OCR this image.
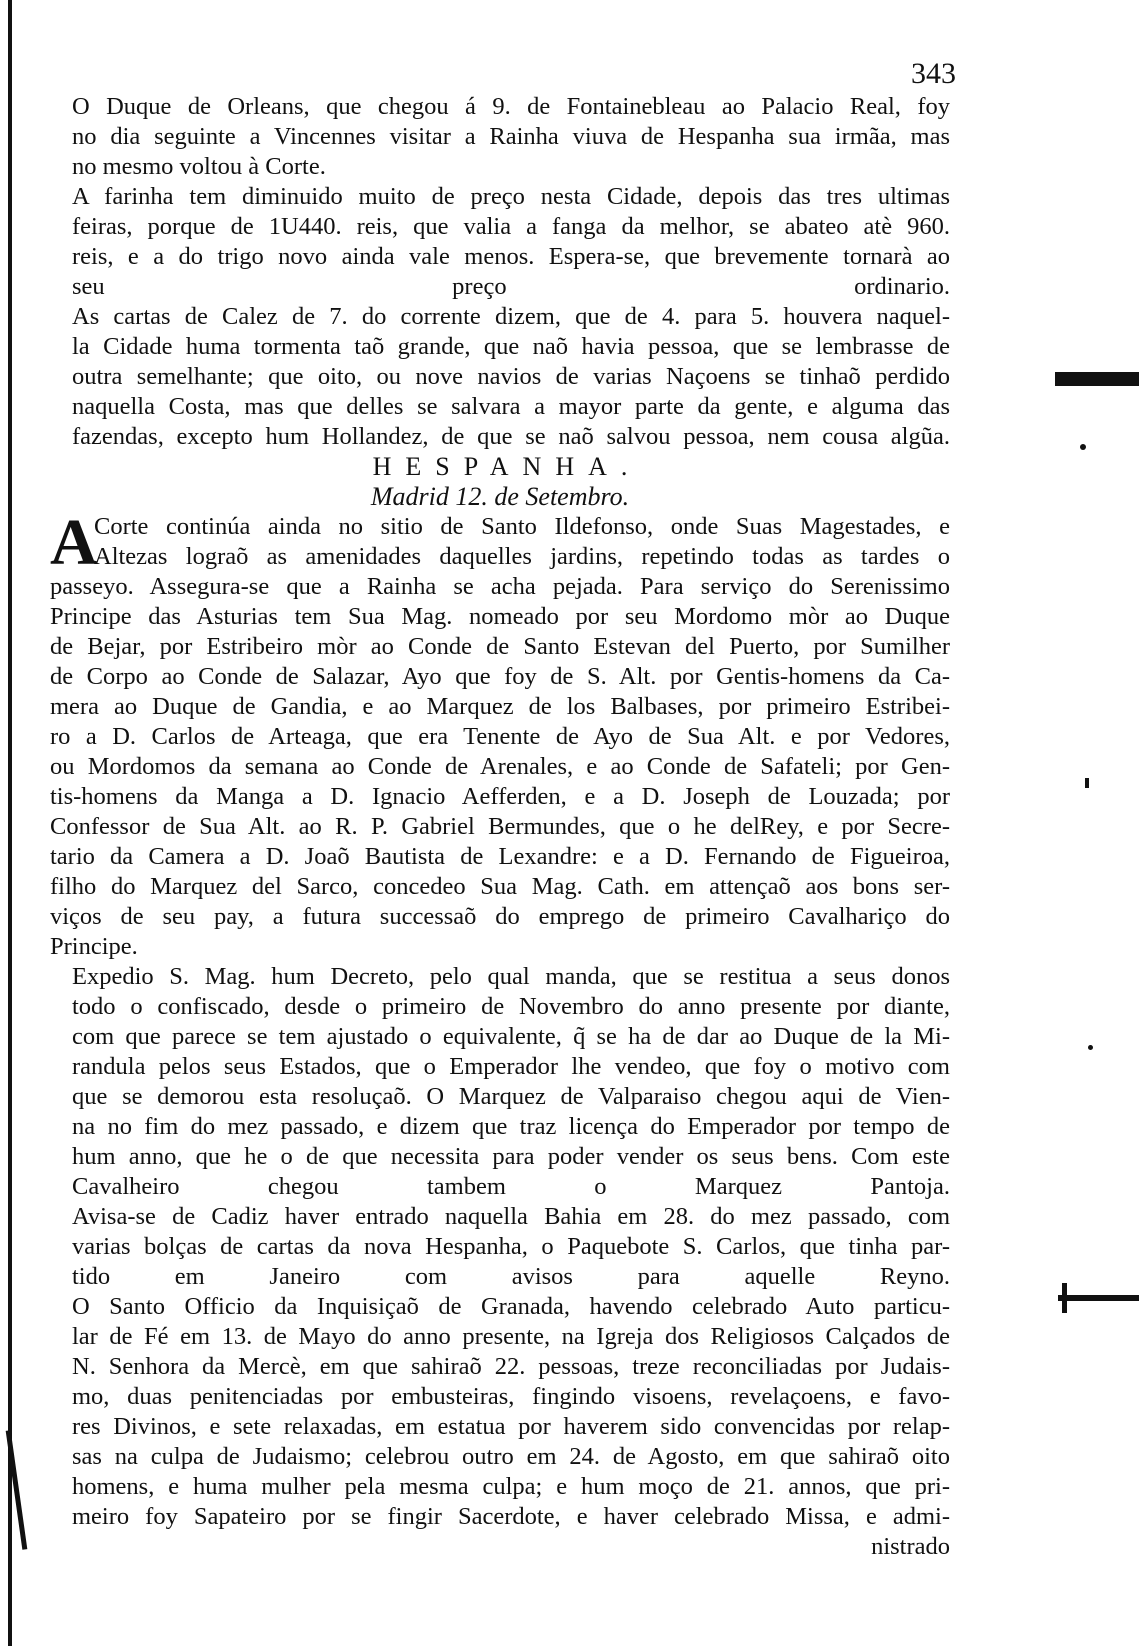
343
O Duque de Orleans, que chegou á 9. de Fontainebleau ao Palacio Real, foy
no dia seguinte a Vincennes visitar a Rainha viuva de Hespanha sua irmãa, mas
no mesmo voltou à Corte.
A farinha tem diminuido muito de preço nesta Cidade, depois das tres ultimas
feiras, porque de 1U440. reis, que valia a fanga da melhor, se abateo atè 960.
reis, e a do trigo novo ainda vale menos. Espera-se, que brevemente tornarà ao
seu preço ordinario.
As cartas de Calez de 7. do corrente dizem, que de 4. para 5. houvera naquel-
la Cidade huma tormenta taõ grande, que naõ havia pessoa, que se lembrasse de
outra semelhante; que oito, ou nove navios de varias Naçoens se tinhaõ perdido
naquella Costa, mas que delles se salvara a mayor parte da gente, e alguma das
fazendas, excepto hum Hollandez, de que se naõ salvou pessoa, nem cousa algũa.
HESPANHA.
Madrid 12. de Setembro.
A
Corte continúa ainda no sitio de Santo Ildefonso, onde Suas Magestades, e
Altezas lograõ as amenidades daquelles jardins, repetindo todas as tardes o
passeyo. Assegura-se que a Rainha se acha pejada. Para serviço do Serenissimo
Principe das Asturias tem Sua Mag. nomeado por seu Mordomo mòr ao Duque
de Bejar, por Estribeiro mòr ao Conde de Santo Estevan del Puerto, por Sumilher
de Corpo ao Conde de Salazar, Ayo que foy de S. Alt. por Gentis-homens da Ca-
mera ao Duque de Gandia, e ao Marquez de los Balbases, por primeiro Estribei-
ro a D. Carlos de Arteaga, que era Tenente de Ayo de Sua Alt. e por Vedores,
ou Mordomos da semana ao Conde de Arenales, e ao Conde de Safateli; por Gen-
tis-homens da Manga a D. Ignacio Aefferden, e a D. Joseph de Louzada; por
Confessor de Sua Alt. ao R. P. Gabriel Bermundes, que o he delRey, e por Secre-
tario da Camera a D. Joaõ Bautista de Lexandre: e a D. Fernando de Figueiroa,
filho do Marquez del Sarco, concedeo Sua Mag. Cath. em attençaõ aos bons ser-
viços de seu pay, a futura successaõ do emprego de primeiro Cavalhariço do
Principe.
Expedio S. Mag. hum Decreto, pelo qual manda, que se restitua a seus donos
todo o confiscado, desde o primeiro de Novembro do anno presente por diante,
com que parece se tem ajustado o equivalente, q̃ se ha de dar ao Duque de la Mi-
randula pelos seus Estados, que o Emperador lhe vendeo, que foy o motivo com
que se demorou esta resoluçaõ. O Marquez de Valparaiso chegou aqui de Vien-
na no fim do mez passado, e dizem que traz licença do Emperador por tempo de
hum anno, que he o de que necessita para poder vender os seus bens. Com este
Cavalheiro chegou tambem o Marquez Pantoja.
Avisa-se de Cadiz haver entrado naquella Bahia em 28. do mez passado, com
varias bolças de cartas da nova Hespanha, o Paquebote S. Carlos, que tinha par-
tido em Janeiro com avisos para aquelle Reyno.
O Santo Officio da Inquisiçaõ de Granada, havendo celebrado Auto particu-
lar de Fé em 13. de Mayo do anno presente, na Igreja dos Religiosos Calçados de
N. Senhora da Mercè, em que sahiraõ 22. pessoas, treze reconciliadas por Judais-
mo, duas penitenciadas por embusteiras, fingindo visoens, revelaçoens, e favo-
res Divinos, e sete relaxadas, em estatua por haverem sido convencidas por relap-
sas na culpa de Judaismo; celebrou outro em 24. de Agosto, em que sahiraõ oito
homens, e huma mulher pela mesma culpa; e hum moço de 21. annos, que pri-
meiro foy Sapateiro por se fingir Sacerdote, e haver celebrado Missa, e admi-
nistrado
